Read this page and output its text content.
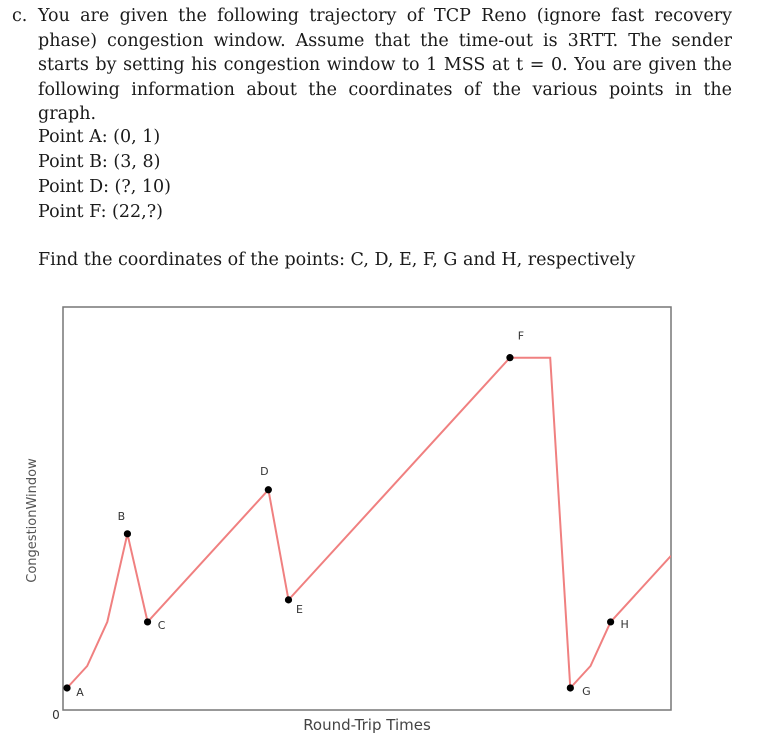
c. You are given the following trajectory of TCP Reno (ignore fast recovery phase) congestion window. Assume that the time-out is 3RTT. The sender starts by setting his congestion window to 1 MSS at t = 0. You are given the following information about the coordinates of the various points in the graph.
Point A: (0, 1)
Point B: (3, 8)
Point D: (?, 10)
Point F: (22,?)
Find the coordinates of the points: C, D, E, F, G and H, respectively
CongestionWindow
Round-Trip Times
0
A
B
C
D
E
F
G
H
